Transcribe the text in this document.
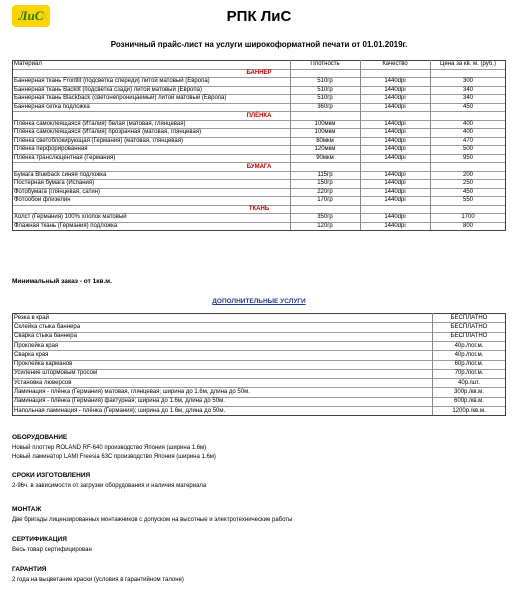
ЛиС	РПК ЛиС
Розничный прайс-лист на услуги широкоформатной печати от 01.01.2019г.
Материал	Плотность	Качество	Цена за кв. м. (руб.)
БАННЕР
Баннерная ткань Frontlit (подсветка спереди) литой матовый (Европа)	510гр	1440dpi	300
Баннерная ткань Backlit (подсветка сзади) литой матовый (Европа)	510гр	1440dpi	340
Баннерная ткань Blackback (светонепроницаемый) литой матовый (Европа)	510гр	1440dpi	340
Баннерная сетка подложка	360гр	1440dpi	450
ПЛЁНКА
Плёнка самоклеящаяся (Италия) белая (матовая, глянцевая)	100мкм	1440dpi	400
Плёнка самоклеящаяся (Италия) прозрачная (матовая, глянцевая)	100мкм	1440dpi	400
Плёнка светоблокирующая (Германия) (матовая, глянцевая)	80мкм	1440dpi	470
Плёнка перфорированная	120мкм	1440dpi	500
Плёнка транслюцентная (Германия)	90мкм	1440dpi	950
БУМАГА
Бумага Blueback синяя подложка	115гр	1440dpi	200
Постерная бумага (Испания)	150гр	1440dpi	250
Фотобумага (глянцевая, сатин)	220гр	1440dpi	450
Фотообои флизелин	170гр	1440dpi	550
ТКАНЬ
Холст (Германия) 100% хлопок матовый	350гр	1440dpi	1700
Флажная ткань (Германия) подложка	120гр	1440dpi	800
Минимальный заказ - от 1кв.м.
ДОПОЛНИТЕЛЬНЫЕ УСЛУГИ
Резка в край	БЕСПЛАТНО
Склейка стыка баннера	БЕСПЛАТНО
Сварка стыка баннера	БЕСПЛАТНО
Проклейка края	40р./пог.м.
Сварка края	40р./пог.м.
Проклейка карманов	60р./пог.м.
Усиление штормовым тросом	70р./пог.м.
Установка люверсов	40р./шт.
Ламинация - плёнка (Германия) матовая, глянцевая; ширина до 1.6м, длина до 50м.	300р./кв.м.
Ламинация - плёнка (Германия) фактурная; ширина до 1.6м, длина до 50м.	600р./кв.м.
Напольная ламинация - плёнка (Германия); ширина до 1.6м, длина до 50м.	1200р./кв.м.
ОБОРУДОВАНИЕ
Новый плоттер ROLAND RF-640 производство Япония (ширина 1.6м)
Новый ламинатор LAMI Freesia 63C производство Япония (ширина 1.6м)
СРОКИ ИЗГОТОВЛЕНИЯ
2-96ч. в зависимости от загрузки оборудования и наличия материала
МОНТАЖ
Две бригады лицензированных монтажников с допуском на высотные и электротехнические работы
СЕРТИФИКАЦИЯ
Весь товар сертифицирован
ГАРАНТИЯ
2 года на выцветание краски (условия в гарантийном талоне)
